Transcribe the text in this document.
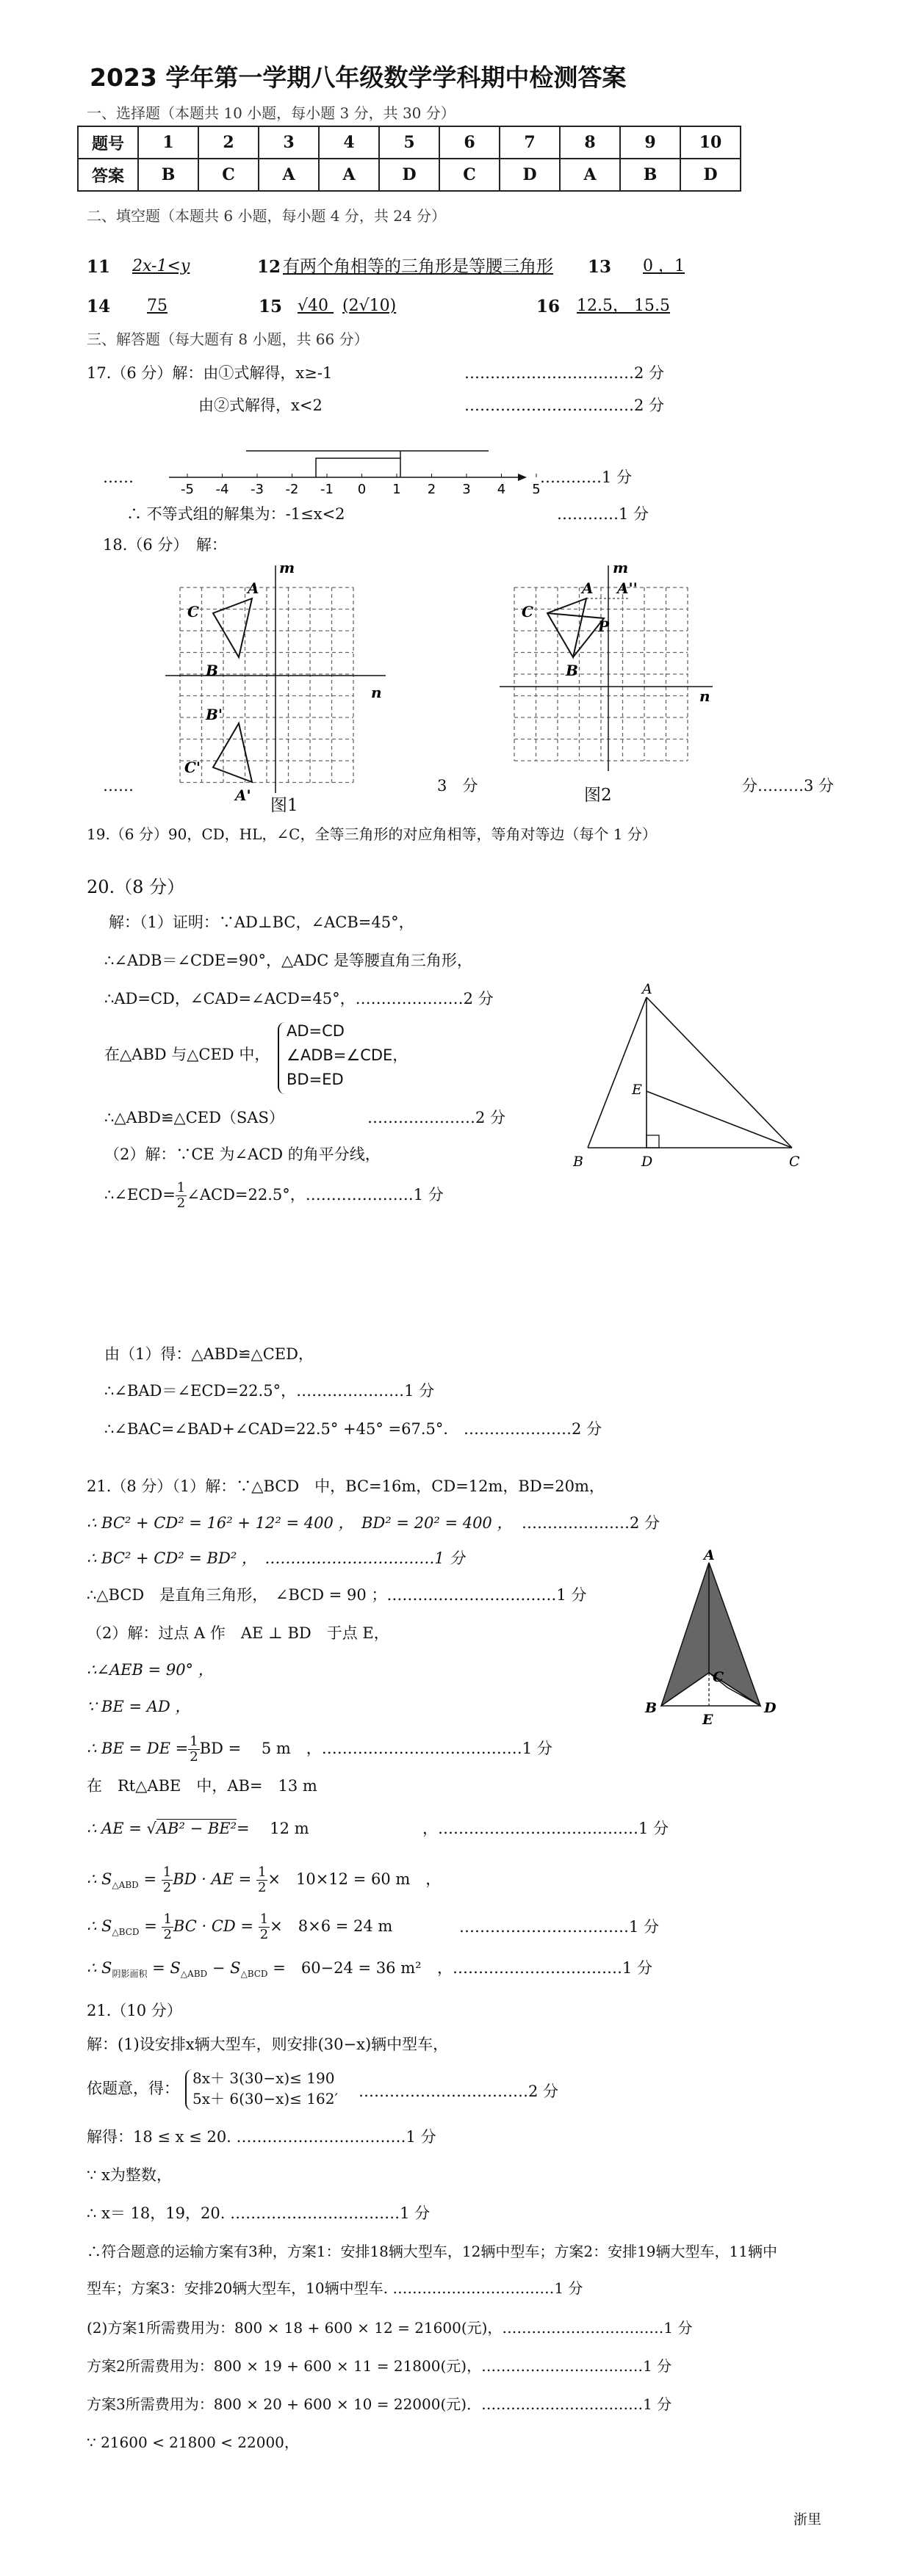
2023 学年第一学期八年级数学学科期中检测答案
一、选择题（本题共 10 小题，每小题 3 分，共 30 分）
题号	1	2	3	4	5	6	7	8	9	10
答案	B	C	A	A	D	C	D	A	B	D
二、填空题（本题共 6 小题，每小题 4 分，共 24 分）
11	2x-1<y	12 有两个角相等的三角形是等腰三角形 13	0 ，1
14	75	15 √40 (2√10)	16	12.5， 15.5
三、解答题（每大题有 8 小题，共 66 分）
17.（6 分）解：由①式解得，x≥-1	……………………………2 分
由②式解得，x<2	……………………………2 分
-5 -4 -3 -2 -1 0 1 2 3 4 5
……	…………1 分
∴ 不等式组的解集为：-1≤x<2	…………1 分
18.（6 分）　解：
A
C
B
m
n
B'
C'
A'
图1
A A''
C
P
B
m
n
图2
……	3　分	分………3 分
19.（6 分）90，CD，HL，∠C，全等三角形的对应角相等，等角对等边（每个 1 分）
20.（8 分）
解：（1）证明：∵AD⊥BC，∠ACB=45°，
∴∠ADB＝∠CDE=90°，△ADC 是等腰直角三角形，
∴AD=CD，∠CAD=∠ACD=45°，…………………2 分
在△ABD 与△CED 中，
AD=CD
∠ADB=∠CDE，
BD=ED
∴△ABD≌△CED（SAS）	…………………2 分
（2）解：∵CE 为∠ACD 的角平分线，
∴∠ECD= $\frac{1}{2}$ ∠ACD=22.5°，…………………1 分
A
E
B	D	C
由（1）得：△ABD≌△CED，
∴∠BAD＝∠ECD=22.5°，…………………1 分
∴∠BAC=∠BAD+∠CAD=22.5° +45° =67.5°． …………………2 分
21.（8 分）（1）解：∵△BCD　中，BC=16m，CD=12m，BD=20m，
∴ BC² + CD² = 16² + 12² = 400 ，　BD² = 20² = 400 ， …………………2 分
∴ BC² + CD² = BD² ，　……………………………1 分
∴△BCD　是直角三角形，　∠BCD = 90 ；……………………………1 分
（2）解：过点 A 作　AE ⊥ BD　于点 E，
∴∠AEB = 90° ，
∵ BE = AD ，
∴ BE = DE = $\frac{1}{2}$ BD =　 5 m　，…………………………………1 分
在　Rt△ABE　中，AB=　13 m
∴ AE = √AB² − BE²=　 12 m	，…………………………………1 分
∴ $S_{\triangle ABD} = \frac{1}{2}$ BD · AE = $\frac{1}{2}$ ×　10×12 = 60 m　，
∴ $S_{\triangle BCD} = \frac{1}{2}$ BC · CD = $\frac{1}{2}$ ×　8×6 = 24 m	……………………………1 分
∴ $S_{阴影面积} = S_{\triangle ABD} - S_{\triangle BCD}$ =　60−24 = 36 m² ，……………………………1 分
A
C
B
E
D
21.（10 分）
解：(1)设安排x辆大型车，则安排(30−x)辆中型车，
依题意，得：
8x＋ 3(30−x)≤ 190
5x＋ 6(30−x)≤ 162′ ……………………………2 分
解得：18 ≤ x ≤ 20. ……………………………1 分
∵ x为整数，
∴ x＝ 18，19，20. ……………………………1 分
∴符合题意的运输方案有3种，方案1：安排18辆大型车，12辆中型车；方案2：安排19辆大型车，11辆中
型车；方案3：安排20辆大型车，10辆中型车. ……………………………1 分
(2)方案1所需费用为：800 × 18 + 600 × 12 = 21600(元)，……………………………1 分
方案2所需费用为：800 × 19 + 600 × 11 = 21800(元)，……………………………1 分
方案3所需费用为：800 × 20 + 600 × 10 = 22000(元)．……………………………1 分
∵ 21600 < 21800 < 22000，
浙里
